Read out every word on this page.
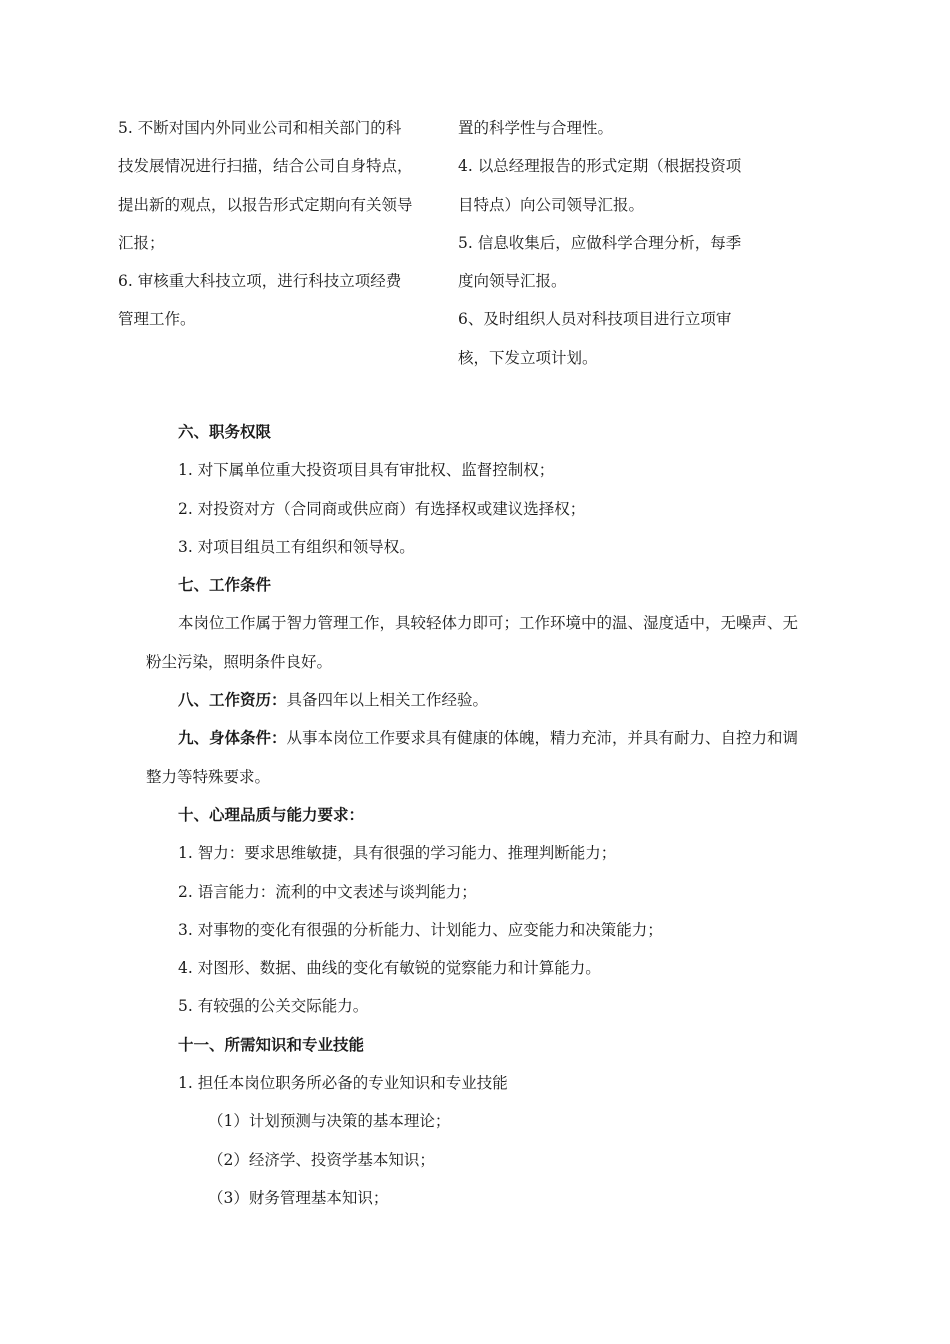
5. 不断对国内外同业公司和相关部门的科

技发展情况进行扫描，结合公司自身特点，

提出新的观点，以报告形式定期向有关领导

汇报；

6. 审核重大科技立项，进行科技立项经费

管理工作。

置的科学性与合理性。

4. 以总经理报告的形式定期（根据投资项

目特点）向公司领导汇报。

5. 信息收集后，应做科学合理分析，每季

度向领导汇报。

6、及时组织人员对科技项目进行立项审

核，下发立项计划。

六、职务权限

1. 对下属单位重大投资项目具有审批权、监督控制权；

2. 对投资对方（合同商或供应商）有选择权或建议选择权；

3. 对项目组员工有组织和领导权。

七、工作条件

本岗位工作属于智力管理工作，具较轻体力即可；工作环境中的温、湿度适中，无噪声、无粉尘污染，照明条件良好。

八、工作资历：具备四年以上相关工作经验。

九、身体条件：从事本岗位工作要求具有健康的体魄，精力充沛，并具有耐力、自控力和调整力等特殊要求。

十、心理品质与能力要求：

1. 智力：要求思维敏捷，具有很强的学习能力、推理判断能力；

2. 语言能力：流利的中文表述与谈判能力；

3. 对事物的变化有很强的分析能力、计划能力、应变能力和决策能力；

4. 对图形、数据、曲线的变化有敏锐的觉察能力和计算能力。

5. 有较强的公关交际能力。

十一、所需知识和专业技能

1. 担任本岗位职务所必备的专业知识和专业技能

（1）计划预测与决策的基本理论；

（2）经济学、投资学基本知识；

（3）财务管理基本知识；
